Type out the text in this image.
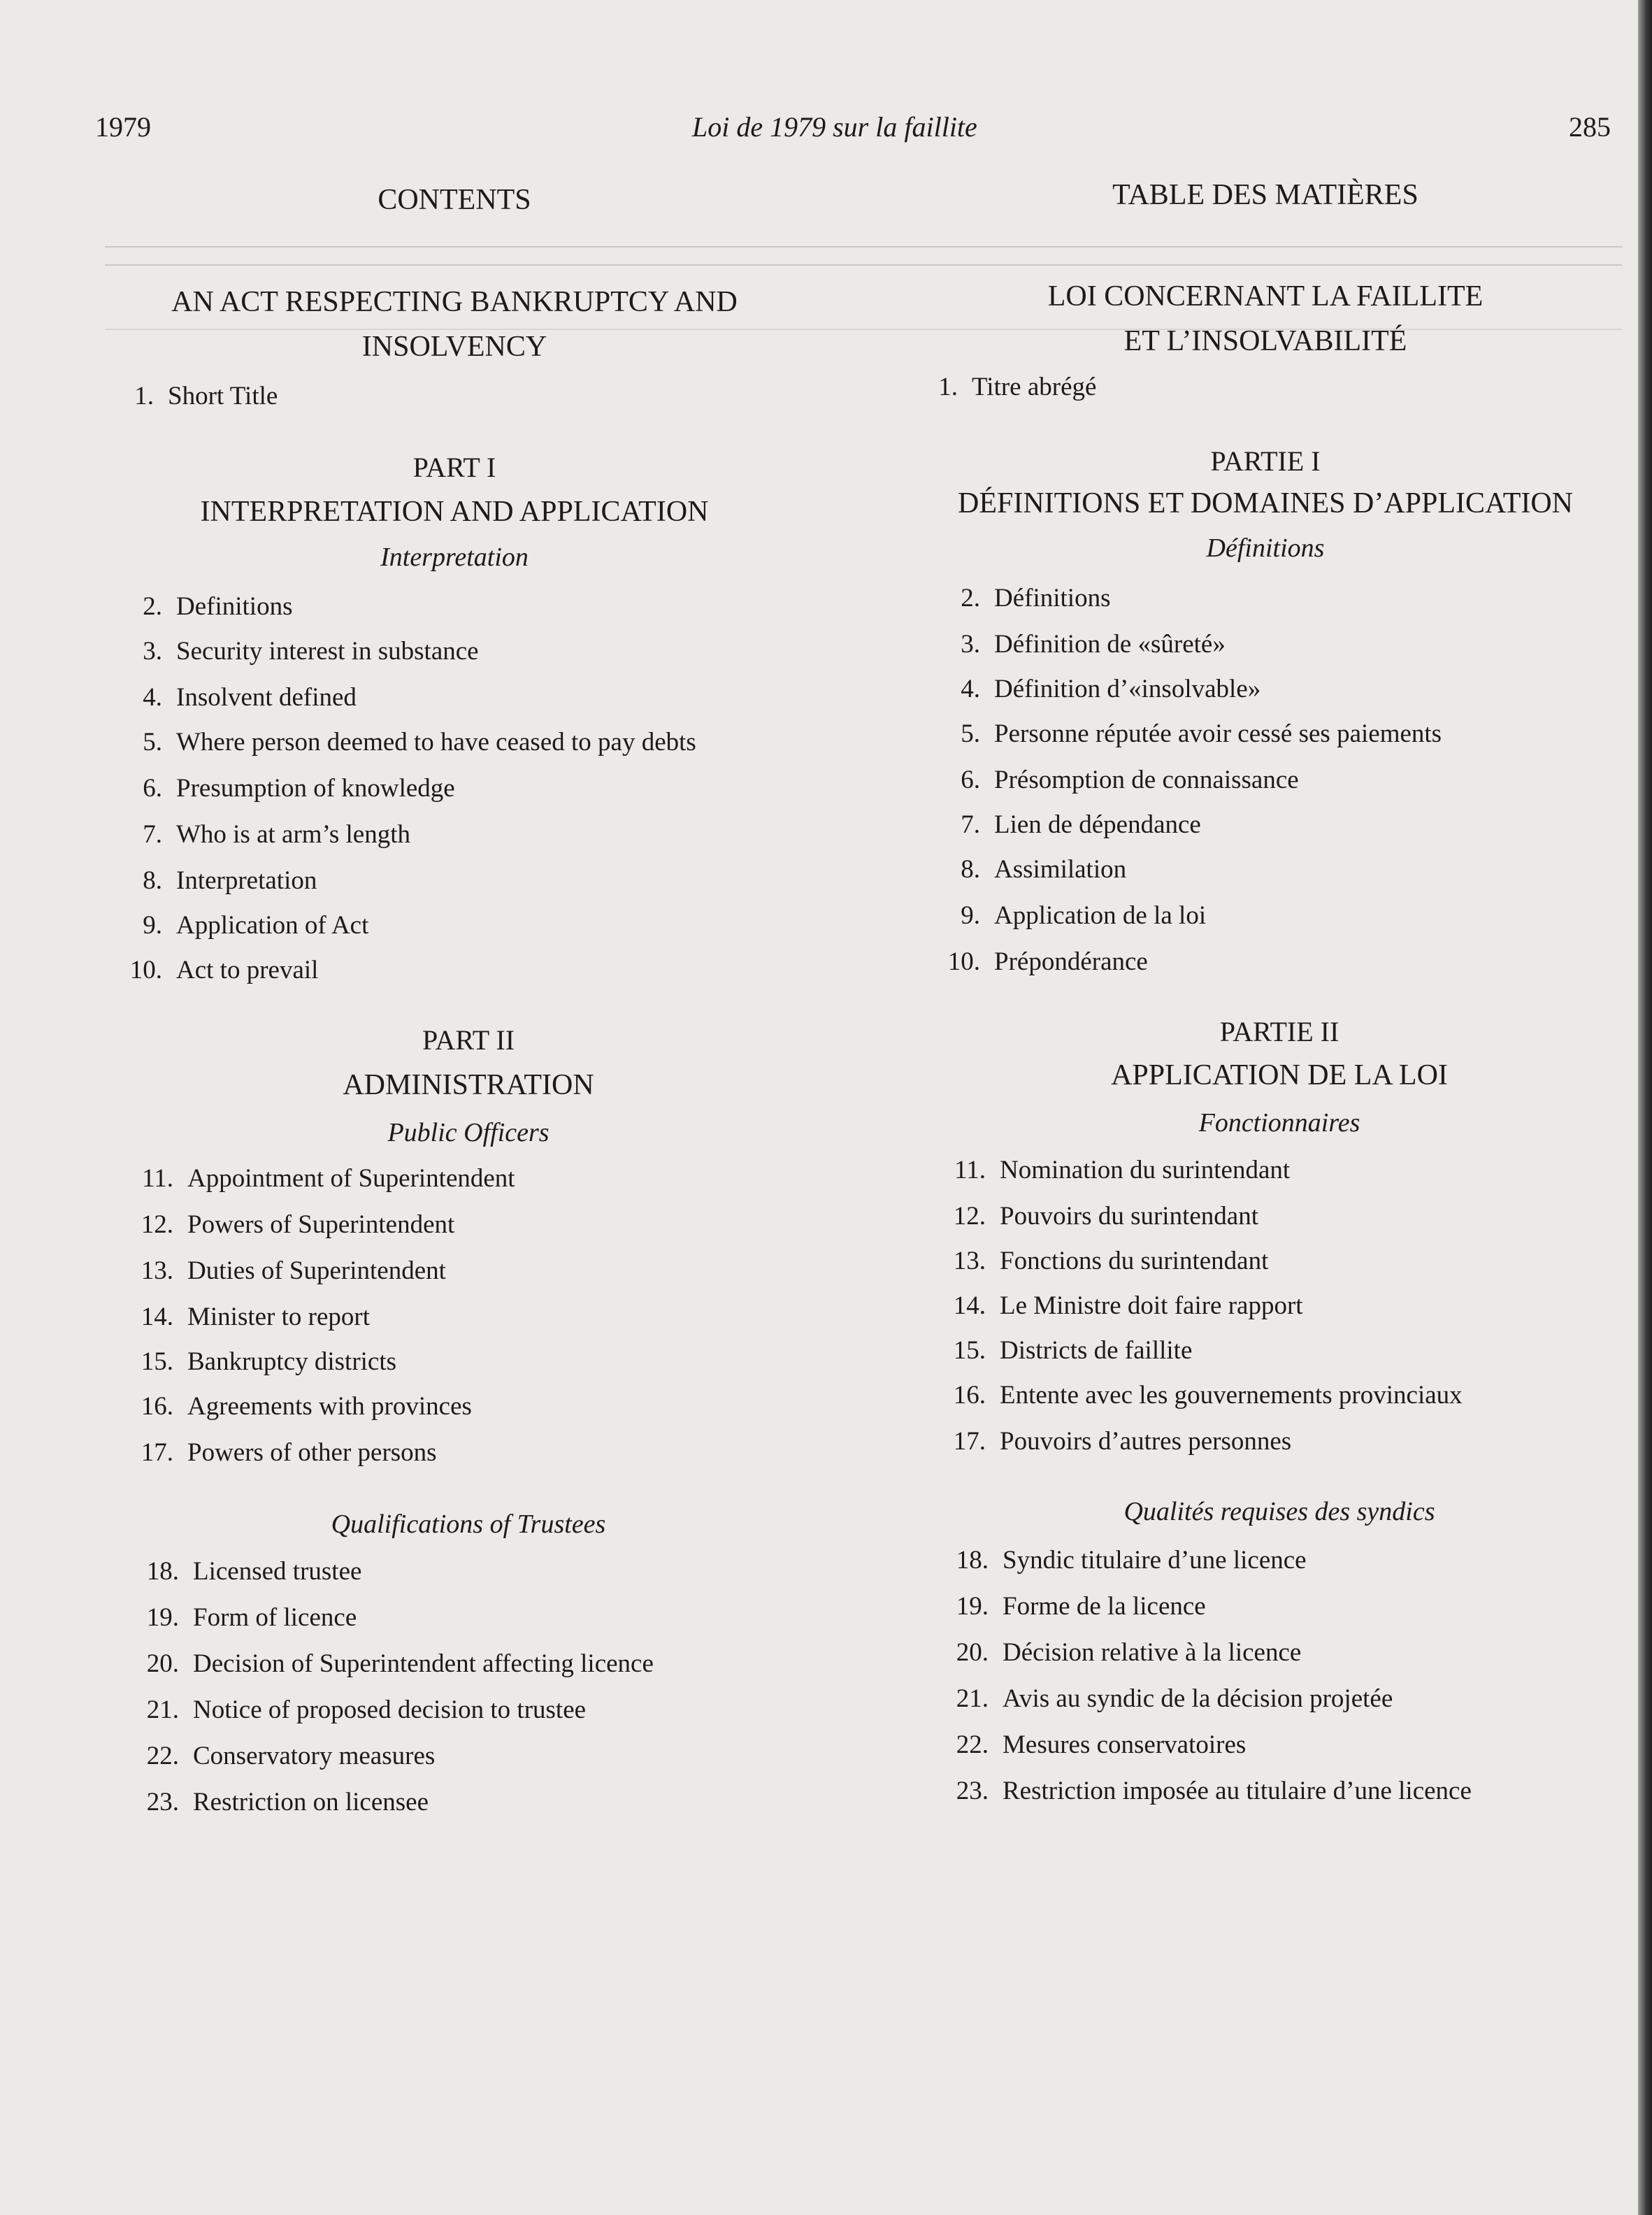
1979	Loi de 1979 sur la faillite	285
CONTENTS
AN ACT RESPECTING BANKRUPTCY AND
INSOLVENCY
1. Short Title
PART I
INTERPRETATION AND APPLICATION
Interpretation
2. Definitions
3. Security interest in substance
4. Insolvent defined
5. Where person deemed to have ceased to pay debts
6. Presumption of knowledge
7. Who is at arm’s length
8. Interpretation
9. Application of Act
10. Act to prevail
PART II
ADMINISTRATION
Public Officers
11. Appointment of Superintendent
12. Powers of Superintendent
13. Duties of Superintendent
14. Minister to report
15. Bankruptcy districts
16. Agreements with provinces
17. Powers of other persons
Qualifications of Trustees
18. Licensed trustee
19. Form of licence
20. Decision of Superintendent affecting licence
21. Notice of proposed decision to trustee
22. Conservatory measures
23. Restriction on licensee
TABLE DES MATIÈRES
LOI CONCERNANT LA FAILLITE
ET L’INSOLVABILITÉ
1. Titre abrégé
PARTIE I
DÉFINITIONS ET DOMAINES D’APPLICATION
Définitions
2. Définitions
3. Définition de «sûreté»
4. Définition d’«insolvable»
5. Personne réputée avoir cessé ses paiements
6. Présomption de connaissance
7. Lien de dépendance
8. Assimilation
9. Application de la loi
10. Prépondérance
PARTIE II
APPLICATION DE LA LOI
Fonctionnaires
11. Nomination du surintendant
12. Pouvoirs du surintendant
13. Fonctions du surintendant
14. Le Ministre doit faire rapport
15. Districts de faillite
16. Entente avec les gouvernements provinciaux
17. Pouvoirs d’autres personnes
Qualités requises des syndics
18. Syndic titulaire d’une licence
19. Forme de la licence
20. Décision relative à la licence
21. Avis au syndic de la décision projetée
22. Mesures conservatoires
23. Restriction imposée au titulaire d’une licence
